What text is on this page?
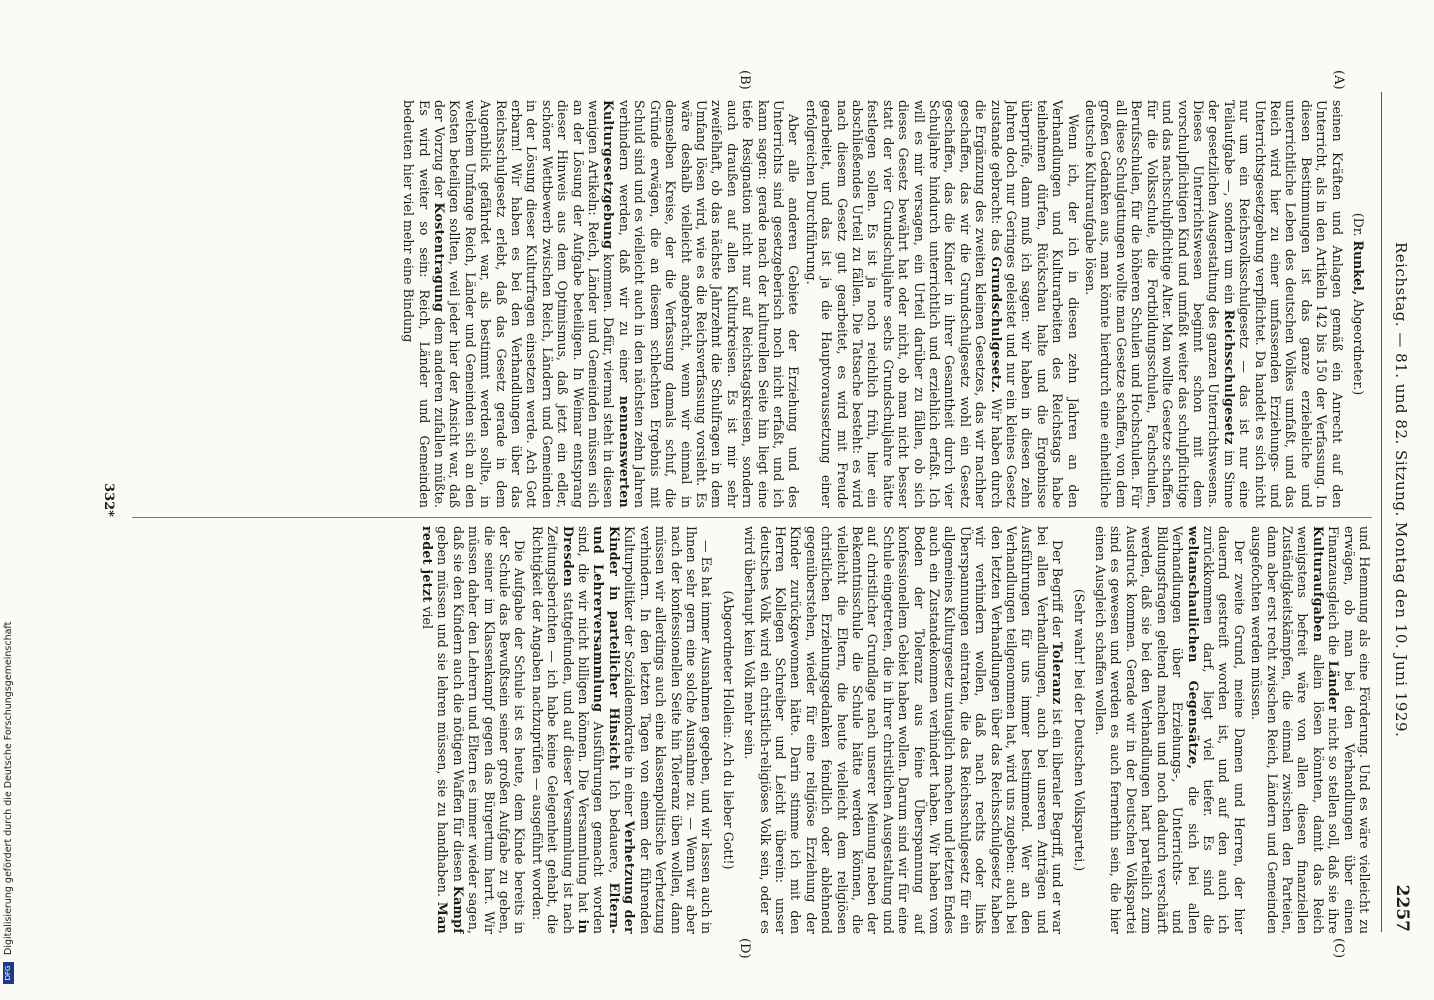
Reichstag. — 81. und 82. Sitzung. Montag den 10. Juni 1929.
2257
(A)
(B)
(C)
(D)

(Dr. Runkel, Abgeordneter.)

seinen Kräften und Anlagen gemäß ein Anrecht auf den Unterricht, als in den Artikeln 142 bis 150 der Verfassung. In diesen Bestimmungen ist das ganze erzieheliche und unterrichtliche Leben des deutschen Volkes umfaßt, und das Reich wird hier zu einer umfassenden Erziehungs- und Unterrichtsgesetzgebung verpflichtet. Da handelt es sich nicht nur um ein Reichsvolksschulgesetz — das ist nur eine Teilaufgabe —, sondern um ein Reichsschulgesetz im Sinne der gesetzlichen Ausgestaltung des ganzen Unterrichtswesens. Dieses Unterrichtswesen beginnt schon mit dem vorschulpflichtigen Kind und umfaßt weiter das schulpflichtige und das nachschulpflichtige Alter. Man wollte Gesetze schaffen für die Volksschule, die Fortbildungsschulen, Fachschulen, Berufsschulen, für die höheren Schulen und Hochschulen. Für all diese Schulgattungen wollte man Gesetze schaffen, von dem großen Gedanken aus, man könnte hierdurch eine einheitliche deutsche Kulturaufgabe lösen.

Wenn ich, der ich in diesen zehn Jahren an den Verhandlungen und Kulturarbeiten des Reichstags habe teilnehmen dürfen, Rückschau halte und die Ergebnisse überprüfe, dann muß ich sagen: wir haben in diesen zehn Jahren doch nur Geringes geleistet und nur ein kleines Gesetz zustande gebracht: das Grundschulgesetz. Wir haben durch die Ergänzung des zweiten kleinen Gesetzes, das wir nachher geschaffen, das wir die Grundschulgesetz wohl ein Gesetz geschaffen, das die Kinder in ihrer Gesamtheit durch vier Schuljahre hindurch unterrichtlich und erziehlich erfaßt. Ich will es mir versagen, ein Urteil darüber zu fällen, ob sich dieses Gesetz bewährt hat oder nicht, ob man nicht besser statt der vier Grundschuljahre sechs Grundschuljahre hätte festlegen sollen. Es ist ja noch reichlich früh, hier ein abschließendes Urteil zu fällen. Die Tatsache besteht: es wird nach diesem Gesetz gut gearbeitet, es wird mit Freude gearbeitet, und das ist ja die Hauptvoraussetzung einer erfolgreichen Durchführung.

Aber alle anderen Gebiete der Erziehung und des Unterrichts sind gesetzgeberisch noch nicht erfaßt, und ich kann sagen: gerade nach der kulturellen Seite hin liegt eine tiefe Resignation nicht nur auf Reichstagskreisen, sondern auch draußen auf allen Kulturkreisen. Es ist mir sehr zweifelhaft, ob das nächste Jahrzehnt die Schulfragen in dem Umfang lösen wird, wie es die Reichsverfassung vorsieht. Es wäre deshalb vielleicht angebracht, wenn wir einmal in demselben Kreise, der die Verfassung damals schuf, die Gründe erwägen, die an diesem schlechten Ergebnis mit Schuld sind und es vielleicht auch in den nächsten zehn Jahren verhindern werden, daß wir zu einer nennenswerten Kulturgesetzgebung kommen. Dafür, viermal steht in diesen wenigen Artikeln: Reich, Länder und Gemeinden müssen sich an der Lösung der Aufgabe beteiligen. In Weimar entsprang dieser Hinweis aus dem Optimismus, daß jetzt ein edler, schöner Wettbewerb zwischen Reich, Ländern und Gemeinden in der Lösung dieser Kulturfragen einsetzen werde. Ach Gott erbarm! Wir haben es bei den Verhandlungen über das Reichsschulgesetz erlebt, daß das Gesetz gerade in dem Augenblick gefährdet war, als bestimmt werden sollte, in welchem Umfange Reich, Länder und Gemeinden sich an den Kosten beteiligen sollten, weil jeder hier der Ansicht war, daß der Vorzug der Kostentragung dem anderen zufallen müßte. Es wird weiter so sein: Reich, Länder und Gemeinden bedeuten hier viel mehr eine Bindung

und Hemmung als eine Förderung. Und es wäre vielleicht zu erwägen, ob man bei den Verhandlungen über einen Finanzausgleich die Länder nicht so stellen soll, daß sie ihre Kulturaufgaben allein lösen könnten, damit das Reich wenigstens befreit wäre von allen diesen finanziellen Zuständigkeitskämpfen, die einmal zwischen den Parteien, dann aber erst recht zwischen Reich, Ländern und Gemeinden ausgefochten werden müssen.

Der zweite Grund, meine Damen und Herren, der hier dauernd gestreift worden ist, und auf den auch ich zurückkommen darf, liegt viel tiefer. Es sind die weltanschaulichen Gegensätze, die sich bei allen Verhandlungen über Erziehungs-, Unterrichts- und Bildungsfragen geltend machen und noch dadurch verschärft werden, daß sie bei den Verhandlungen hart parteilich zum Ausdruck kommen. Gerade wir in der Deutschen Volkspartei sind es gewesen und werden es auch fernerhin sein, die hier einen Ausgleich schaffen wollen.

(Sehr wahr! bei der Deutschen Volkspartei.)

Der Begriff der Toleranz ist ein liberaler Begriff, und er war bei allen Verhandlungen, auch bei unseren Anträgen und Ausführungen für uns immer bestimmend. Wer an den Verhandlungen teilgenommen hat, wird uns zugeben: auch bei den letzten Verhandlungen über das Reichsschulgesetz haben wir verhindern wollen, daß nach rechts oder links Überspannungen eintraten, die das Reichsschulgesetz für ein allgemeines Kulturgesetz untauglich machen und letzten Endes auch ein Zustandekommen verhindert haben. Wir haben vom Boden der Toleranz aus feine Überspannung auf konfessionellem Gebiet haben wollen. Darum sind wir für eine Schule eingetreten, die in ihrer christlichen Ausgestaltung und auf christlicher Grundlage nach unserer Meinung neben der Bekenntnisschule die Schule hätte werden können, die vielleicht die Eltern, die heute vielleicht dem religiösen christlichen Erziehungsgedanken feindlich oder ablehnend gegenüberstehen, wieder für eine religiöse Erziehung der Kinder zurückgewonnen hätte. Darin stimme ich mit den Herren Kollegen Schreiber und Leicht überein: unser deutsches Volk wird ein christlich-religiöses Volk sein, oder es wird überhaupt kein Volk mehr sein.

(Abgeordneter Hollein: Ach du lieber Gott!)

— Es hat immer Ausnahmen gegeben, und wir lassen auch in Ihnen sehr gern eine solche Ausnahme zu. — Wenn wir aber nach der konfessionellen Seite hin Toleranz üben wollen, dann müssen wir allerdings auch eine klassenpolitische Verhetzung verhindern. In den letzten Tagen von einem der führenden Kulturpolitiker der Sozialdemokratie in einer Verhetzung der Kinder in parteilicher Hinsicht Ich bedauere, Eltern- und Lehrerversammlung Ausführungen gemacht worden sind, die wir nicht billigen können. Die Versammlung hat in Dresden stattgefunden, und auf dieser Versammlung ist nach Zeitungsberichten — ich habe keine Gelegenheit gehabt, die Richtigkeit der Angaben nachzuprüfen — ausgeführt worden:

Die Aufgabe der Schule ist es heute, dem Kinde bereits in der Schule das Bewußtsein seiner großen Aufgabe zu geben, die seiner im Klassenkampf gegen das Bürgertum harrt. Wir müssen daher den Lehrern und Eltern es immer wieder sagen, daß sie den Kindern auch die nötigen Waffen für diesen Kampf geben müssen und sie lehren müssen, sie zu handhaben. Man redet jetzt viel

332*
DFG Digitalisierung gefördert durch die Deutsche Forschungsgemeinschaft
